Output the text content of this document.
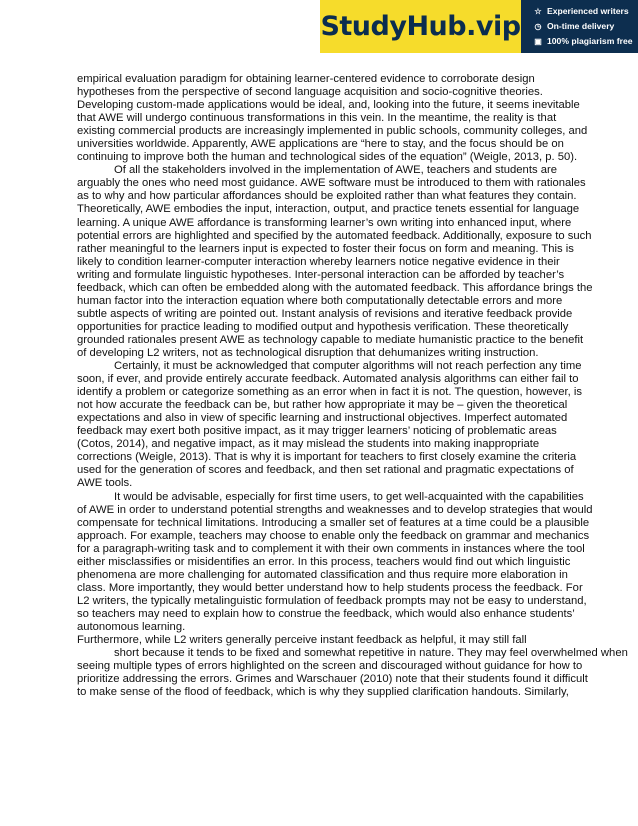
StudyHub.vip ☆ Experienced writers
◷ On-time delivery
▣ 100% plagiarism free
empirical evaluation paradigm for obtaining learner-centered evidence to corroborate design
hypotheses from the perspective of second language acquisition and socio-cognitive theories.
Developing custom-made applications would be ideal, and, looking into the future, it seems inevitable
that AWE will undergo continuous transformations in this vein. In the meantime, the reality is that
existing commercial products are increasingly implemented in public schools, community colleges, and
universities worldwide. Apparently, AWE applications are “here to stay, and the focus should be on
continuing to improve both the human and technological sides of the equation” (Weigle, 2013, p. 50).
Of all the stakeholders involved in the implementation of AWE, teachers and students are
arguably the ones who need most guidance. AWE software must be introduced to them with rationales
as to why and how particular affordances should be exploited rather than what features they contain.
Theoretically, AWE embodies the input, interaction, output, and practice tenets essential for language
learning. A unique AWE affordance is transforming learner’s own writing into enhanced input, where
potential errors are highlighted and specified by the automated feedback. Additionally, exposure to such
rather meaningful to the learners input is expected to foster their focus on form and meaning. This is
likely to condition learner-computer interaction whereby learners notice negative evidence in their
writing and formulate linguistic hypotheses. Inter-personal interaction can be afforded by teacher’s
feedback, which can often be embedded along with the automated feedback. This affordance brings the
human factor into the interaction equation where both computationally detectable errors and more
subtle aspects of writing are pointed out. Instant analysis of revisions and iterative feedback provide
opportunities for practice leading to modified output and hypothesis verification. These theoretically
grounded rationales present AWE as technology capable to mediate humanistic practice to the benefit
of developing L2 writers, not as technological disruption that dehumanizes writing instruction.
Certainly, it must be acknowledged that computer algorithms will not reach perfection any time
soon, if ever, and provide entirely accurate feedback. Automated analysis algorithms can either fail to
identify a problem or categorize something as an error when in fact it is not. The question, however, is
not how accurate the feedback can be, but rather how appropriate it may be – given the theoretical
expectations and also in view of specific learning and instructional objectives. Imperfect automated
feedback may exert both positive impact, as it may trigger learners’ noticing of problematic areas
(Cotos, 2014), and negative impact, as it may mislead the students into making inappropriate
corrections (Weigle, 2013). That is why it is important for teachers to first closely examine the criteria
used for the generation of scores and feedback, and then set rational and pragmatic expectations of
AWE tools.
It would be advisable, especially for first time users, to get well-acquainted with the capabilities
of AWE in order to understand potential strengths and weaknesses and to develop strategies that would
compensate for technical limitations. Introducing a smaller set of features at a time could be a plausible
approach. For example, teachers may choose to enable only the feedback on grammar and mechanics
for a paragraph-writing task and to complement it with their own comments in instances where the tool
either misclassifies or misidentifies an error. In this process, teachers would find out which linguistic
phenomena are more challenging for automated classification and thus require more elaboration in
class. More importantly, they would better understand how to help students process the feedback. For
L2 writers, the typically metalinguistic formulation of feedback prompts may not be easy to understand,
so teachers may need to explain how to construe the feedback, which would also enhance students’
autonomous learning.
Furthermore, while L2 writers generally perceive instant feedback as helpful, it may still fall
short because it tends to be fixed and somewhat repetitive in nature. They may feel overwhelmed when
seeing multiple types of errors highlighted on the screen and discouraged without guidance for how to
prioritize addressing the errors. Grimes and Warschauer (2010) note that their students found it difficult
to make sense of the flood of feedback, which is why they supplied clarification handouts. Similarly,
